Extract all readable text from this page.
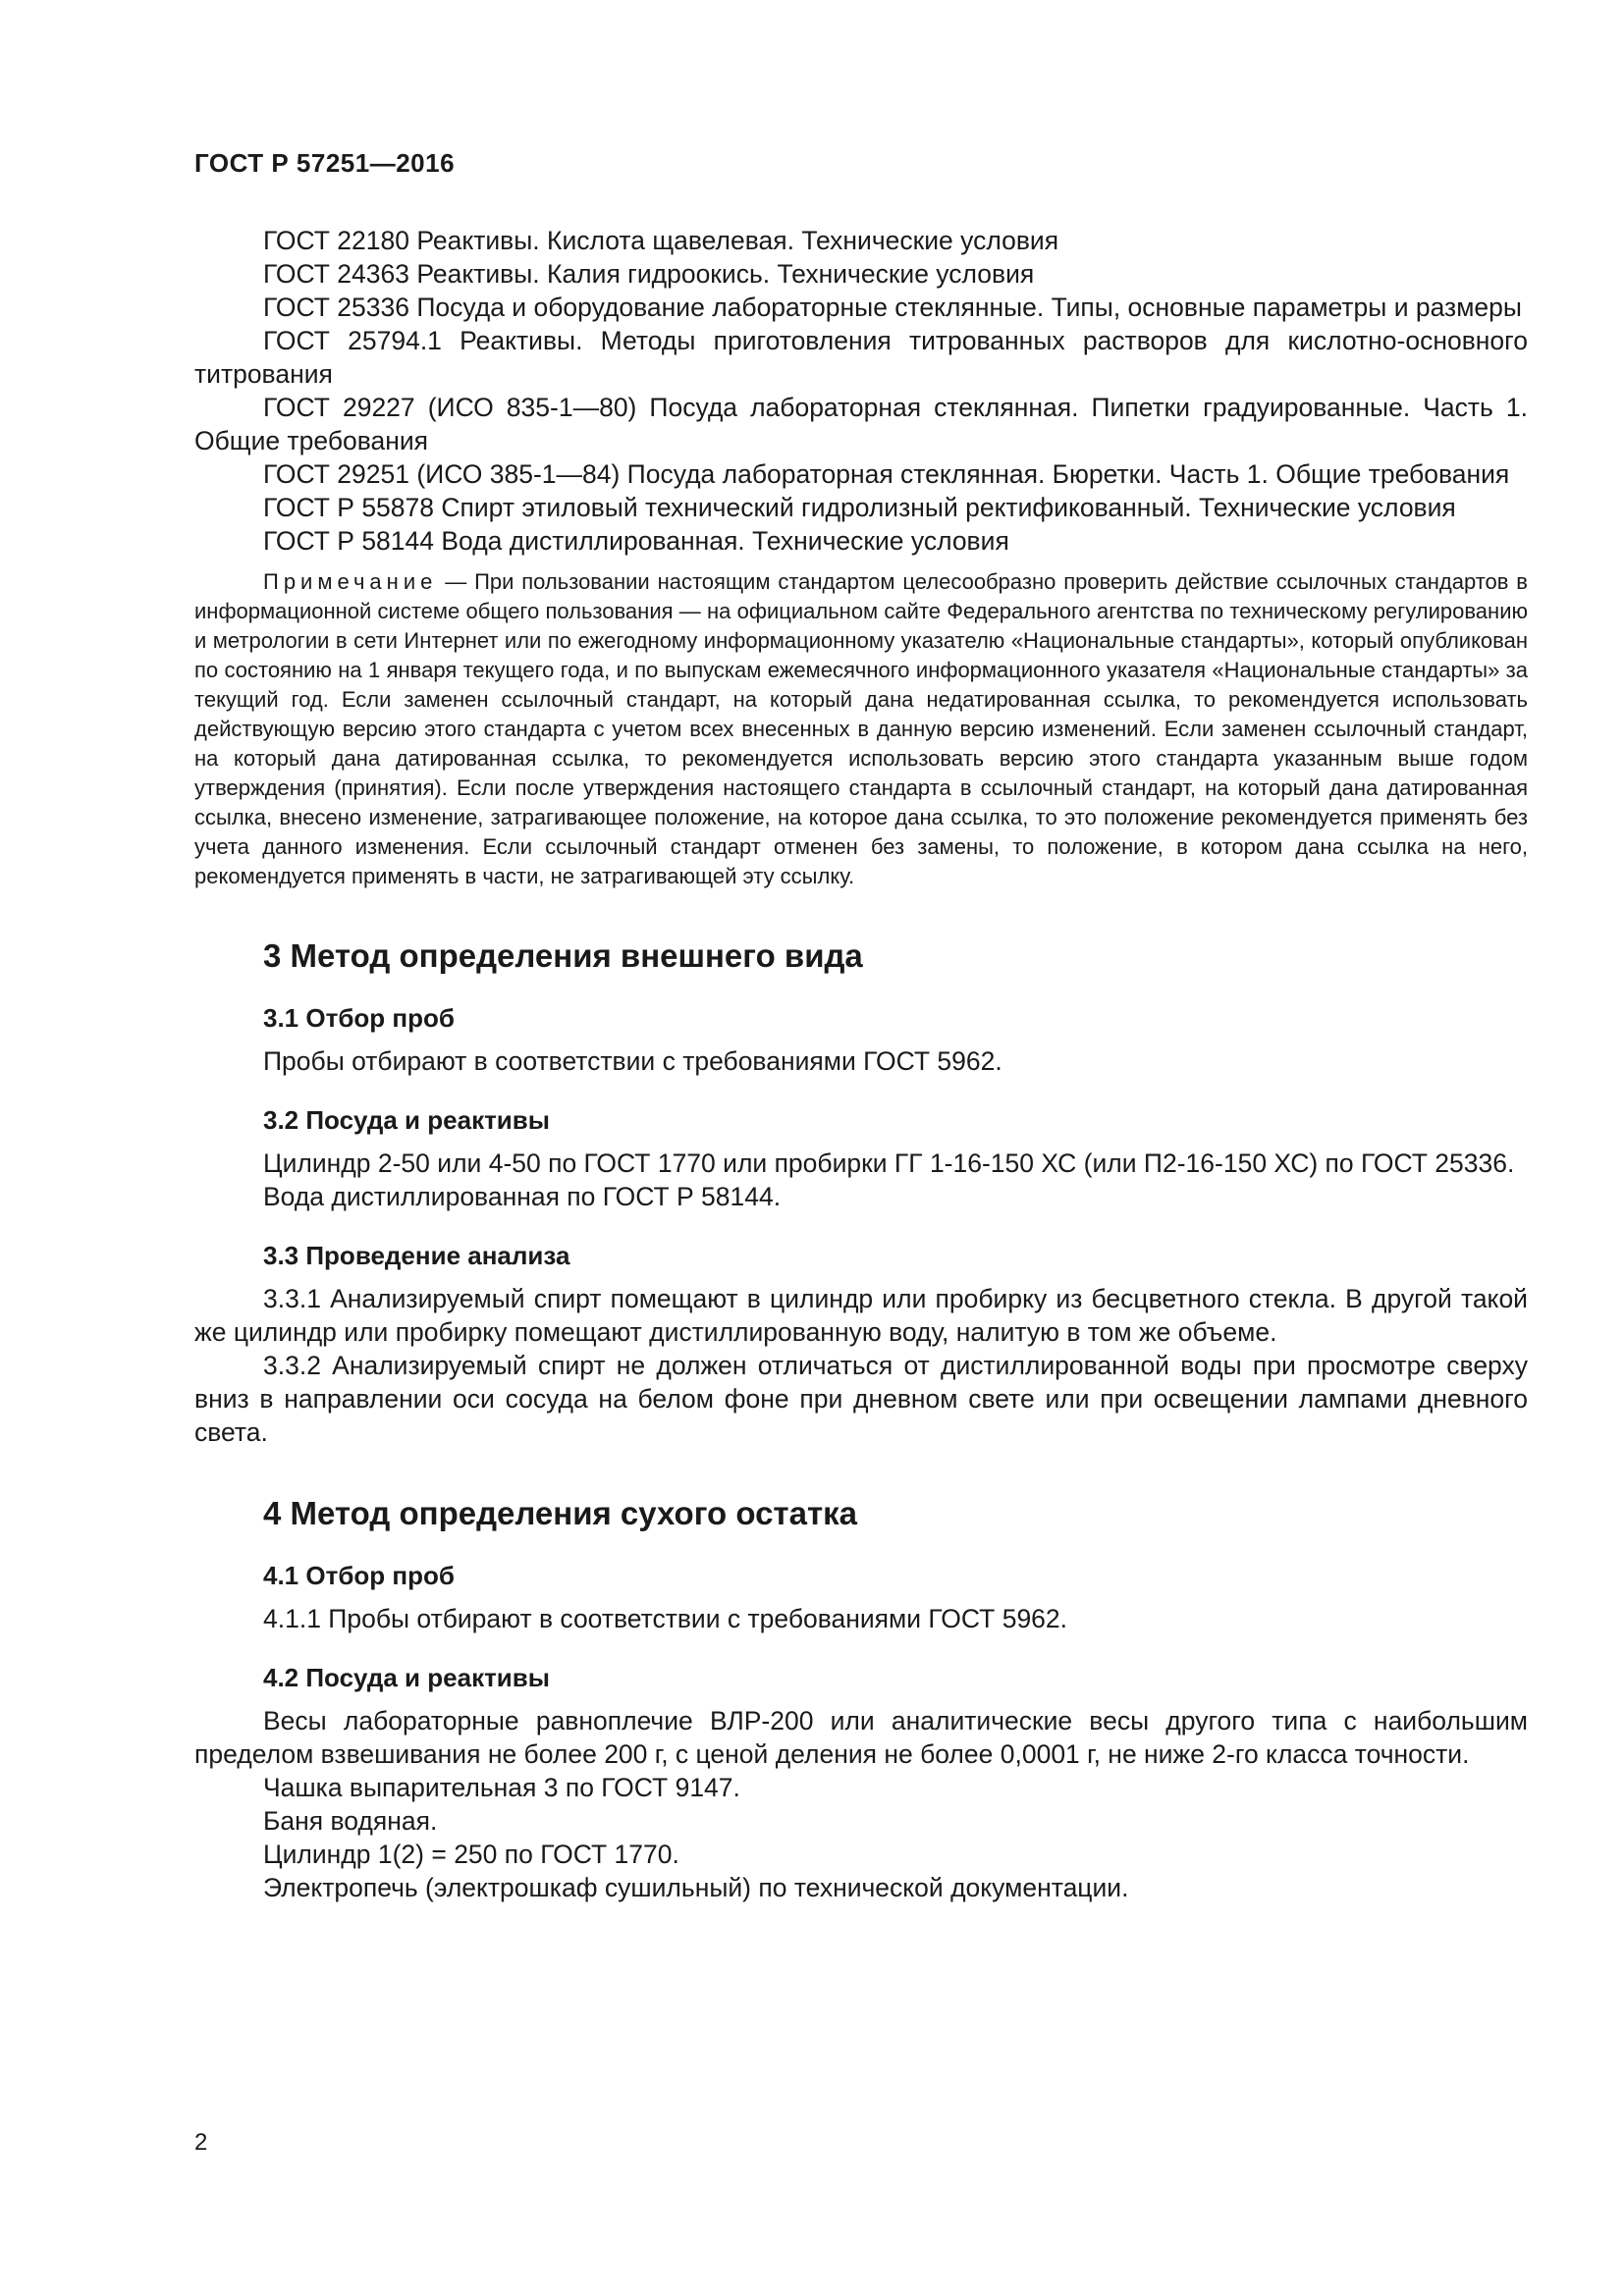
ГОСТ Р 57251—2016

ГОСТ 22180 Реактивы. Кислота щавелевая. Технические условия

ГОСТ 24363 Реактивы. Калия гидроокись. Технические условия

ГОСТ 25336 Посуда и оборудование лабораторные стеклянные. Типы, основные параметры и размеры

ГОСТ 25794.1 Реактивы. Методы приготовления титрованных растворов для кислотно-основного титрования

ГОСТ 29227 (ИСО 835-1—80) Посуда лабораторная стеклянная. Пипетки градуированные. Часть 1. Общие требования

ГОСТ 29251 (ИСО 385-1—84) Посуда лабораторная стеклянная. Бюретки. Часть 1. Общие требования

ГОСТ Р 55878 Спирт этиловый технический гидролизный ректификованный. Технические условия

ГОСТ Р 58144 Вода дистиллированная. Технические условия

Примечание — При пользовании настоящим стандартом целесообразно проверить действие ссылочных стандартов в информационной системе общего пользования — на официальном сайте Федерального агентства по техническому регулированию и метрологии в сети Интернет или по ежегодному информационному указателю «Национальные стандарты», который опубликован по состоянию на 1 января текущего года, и по выпускам ежемесячного информационного указателя «Национальные стандарты» за текущий год. Если заменен ссылочный стандарт, на который дана недатированная ссылка, то рекомендуется использовать действующую версию этого стандарта с учетом всех внесенных в данную версию изменений. Если заменен ссылочный стандарт, на который дана датированная ссылка, то рекомендуется использовать версию этого стандарта указанным выше годом утверждения (принятия). Если после утверждения настоящего стандарта в ссылочный стандарт, на который дана датированная ссылка, внесено изменение, затрагивающее положение, на которое дана ссылка, то это положение рекомендуется применять без учета данного изменения. Если ссылочный стандарт отменен без замены, то положение, в котором дана ссылка на него, рекомендуется применять в части, не затрагивающей эту ссылку.
3 Метод определения внешнего вида
3.1 Отбор проб

Пробы отбирают в соответствии с требованиями ГОСТ 5962.

3.2 Посуда и реактивы

Цилиндр 2-50 или 4-50 по ГОСТ 1770 или пробирки ГГ 1-16-150 ХС (или П2-16-150 ХС) по ГОСТ 25336.

Вода дистиллированная по ГОСТ Р 58144.

3.3 Проведение анализа

3.3.1 Анализируемый спирт помещают в цилиндр или пробирку из бесцветного стекла. В другой такой же цилиндр или пробирку помещают дистиллированную воду, налитую в том же объеме.

3.3.2 Анализируемый спирт не должен отличаться от дистиллированной воды при просмотре сверху вниз в направлении оси сосуда на белом фоне при дневном свете или при освещении лампами дневного света.

4 Метод определения сухого остатка
4.1 Отбор проб

4.1.1 Пробы отбирают в соответствии с требованиями ГОСТ 5962.

4.2 Посуда и реактивы

Весы лабораторные равноплечие ВЛР-200 или аналитические весы другого типа с наибольшим пределом взвешивания не более 200 г, с ценой деления не более 0,0001 г, не ниже 2-го класса точности.

Чашка выпарительная 3 по ГОСТ 9147.

Баня водяная.

Цилиндр 1(2) = 250 по ГОСТ 1770.

Электропечь (электрошкаф сушильный) по технической документации.

2
